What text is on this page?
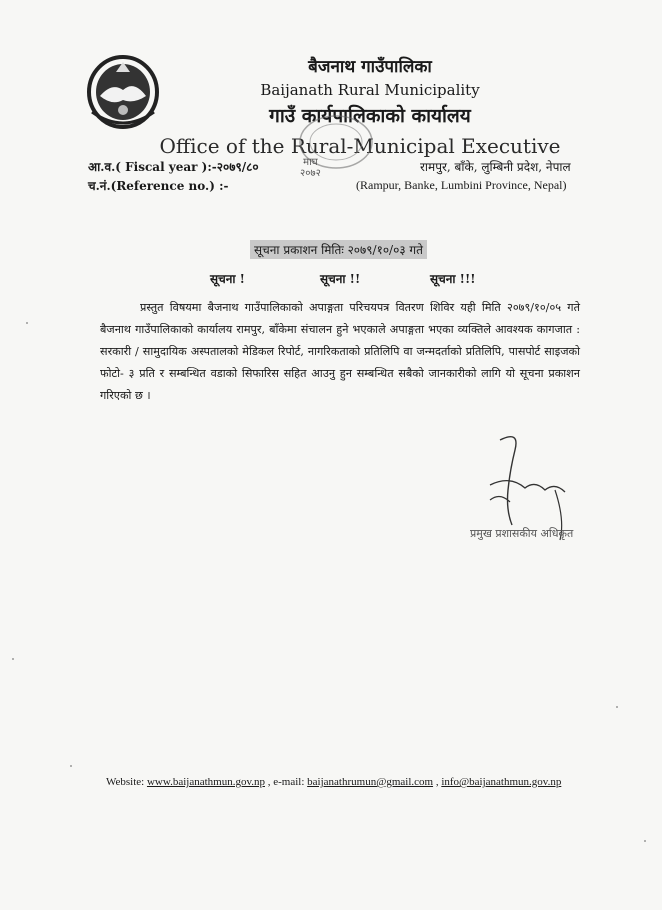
बैजनाथ गाउँपालिका
Baijanath Rural Municipality
गाउँ कार्यपालिकाको कार्यालय
Office of the Rural-Municipal Executive
माघ
२०७२
आ.व.( Fiscal year ):-२०७९/८०
च.नं.(Reference no.) :-
रामपुर, बाँके, लुम्बिनी प्रदेश, नेपाल
(Rampur, Banke, Lumbini Province, Nepal)
सूचना प्रकाशन मितिः २०७९/१०/०३ गते
सूचना !	सूचना !!	सूचना !!!
प्रस्तुत विषयमा बैजनाथ गाउँपालिकाको अपाङ्गता परिचयपत्र वितरण शिविर यही मिति २०७९/१०/०५ गते बैजनाथ गाउँपालिकाको कार्यालय रामपुर, बाँकेमा संचालन हुने भएकाले अपाङ्गता भएका व्यक्तिले आवश्यक कागजात : सरकारी / सामुदायिक अस्पतालको मेडिकल रिपोर्ट, नागरिकताको प्रतिलिपि वा जन्मदर्ताको प्रतिलिपि, पासपोर्ट साइजको फोटो- ३ प्रति र सम्बन्धित वडाको सिफारिस सहित आउनु हुन सम्बन्धित सबैको जानकारीको लागि यो सूचना प्रकाशन गरिएको छ ।
प्रमुख प्रशासकीय अधिकृत
Website: www.baijanathmun.gov.np , e-mail: baijanathrumun@gmail.com , info@baijanathmun.gov.np
